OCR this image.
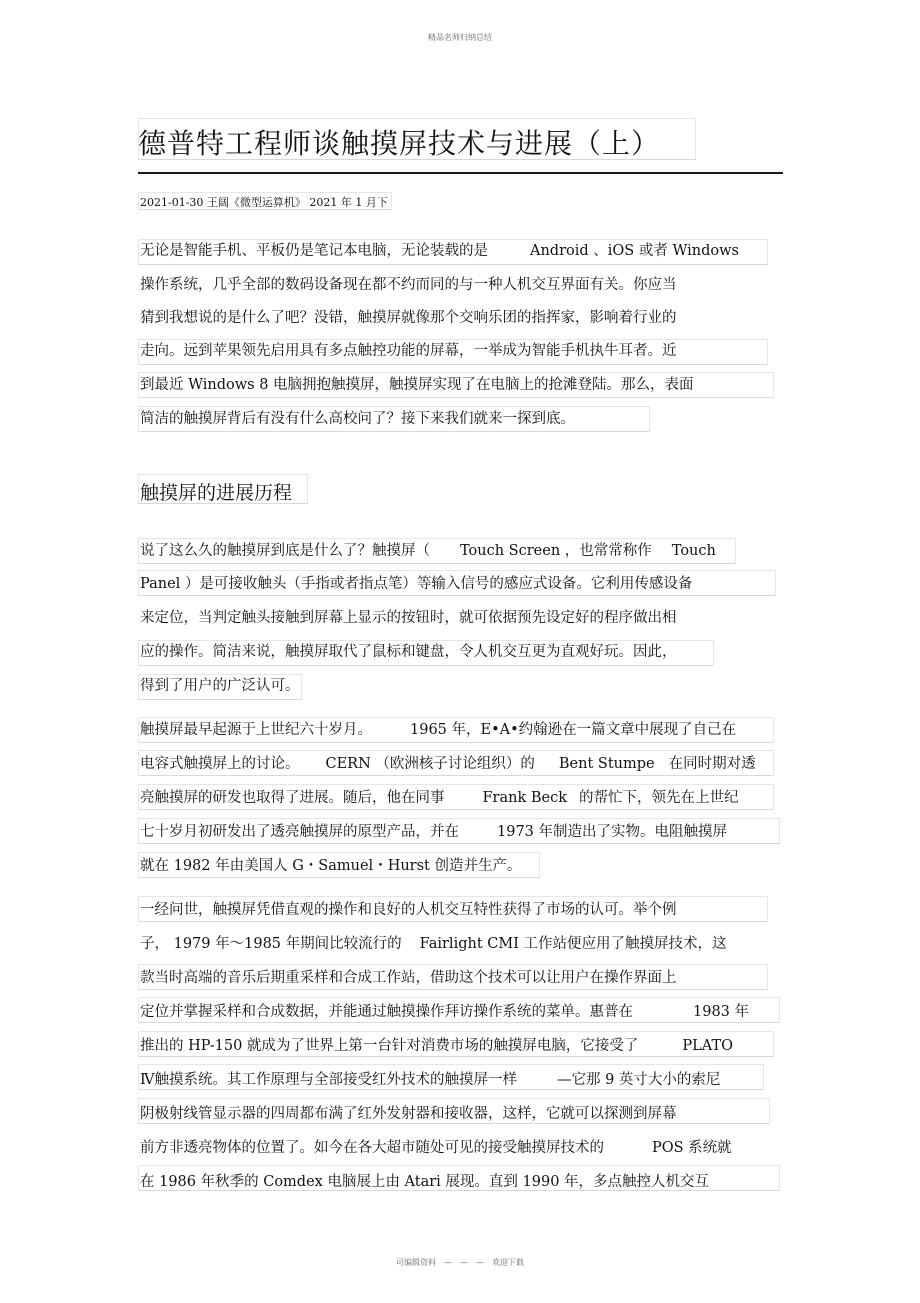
精品名师归纳总结
德普特工程师谈触摸屏技术与进展（上）
2021-01-30 王阔《微型运算机》 2021 年 1 月下
无论是智能手机、平板仍是笔记本电脑，无论装载的是	Android 、iOS 或者 Windows
操作系统，几乎全部的数码设备现在都不约而同的与一种人机交互界面有关。你应当
猜到我想说的是什么了吧？没错，触摸屏就像那个交响乐团的指挥家，影响着行业的
走向。远到苹果领先启用具有多点触控功能的屏幕，一举成为智能手机执牛耳者。近
到最近 Windows 8 电脑拥抱触摸屏，触摸屏实现了在电脑上的抢滩登陆。那么，表面
简洁的触摸屏背后有没有什么高校问了？接下来我们就来一探到底。
触摸屏的进展历程
说了这么久的触摸屏到底是什么了？触摸屏（ Touch Screen ，也常常称作 Touch
Panel ）是可接收触头（手指或者指点笔）等输入信号的感应式设备。它利用传感设备
来定位，当判定触头接触到屏幕上显示的按钮时，就可依据预先设定好的程序做出相
应的操作。简洁来说，触摸屏取代了鼠标和键盘，令人机交互更为直观好玩。因此，
得到了用户的广泛认可。
触摸屏最早起源于上世纪六十岁月。	1965 年，E•A•约翰逊在一篇文章中展现了自己在
电容式触摸屏上的讨论。 CERN （欧洲核子讨论组织）的 Bent Stumpe 在同时期对透
亮触摸屏的研发也取得了进展。随后，他在同事	Frank Beck 的帮忙下，领先在上世纪
七十岁月初研发出了透亮触摸屏的原型产品，并在	1973 年制造出了实物。电阻触摸屏
就在 1982 年由美国人 G・Samuel・Hurst 创造并生产。
一经问世，触摸屏凭借直观的操作和良好的人机交互特性获得了市场的认可。举个例
子， 1979 年～1985 年期间比较流行的 Fairlight CMI 工作站便应用了触摸屏技术，这
款当时高端的音乐后期重采样和合成工作站，借助这个技术可以让用户在操作界面上
定位并掌握采样和合成数据，并能通过触摸操作拜访操作系统的菜单。惠普在	1983 年
推出的 HP-150 就成为了世界上第一台针对消费市场的触摸屏电脑，它接受了	PLATO
Ⅳ触摸系统。其工作原理与全部接受红外技术的触摸屏一样	—它那 9 英寸大小的索尼
阴极射线管显示器的四周都布满了红外发射器和接收器，这样，它就可以探测到屏幕
前方非透亮物体的位置了。如今在各大超市随处可见的接受触摸屏技术的	POS 系统就
在 1986 年秋季的 Comdex 电脑展上由 Atari 展现。直到 1990 年，多点触控人机交互
可编辑资料　—　—　—　欢迎下载
